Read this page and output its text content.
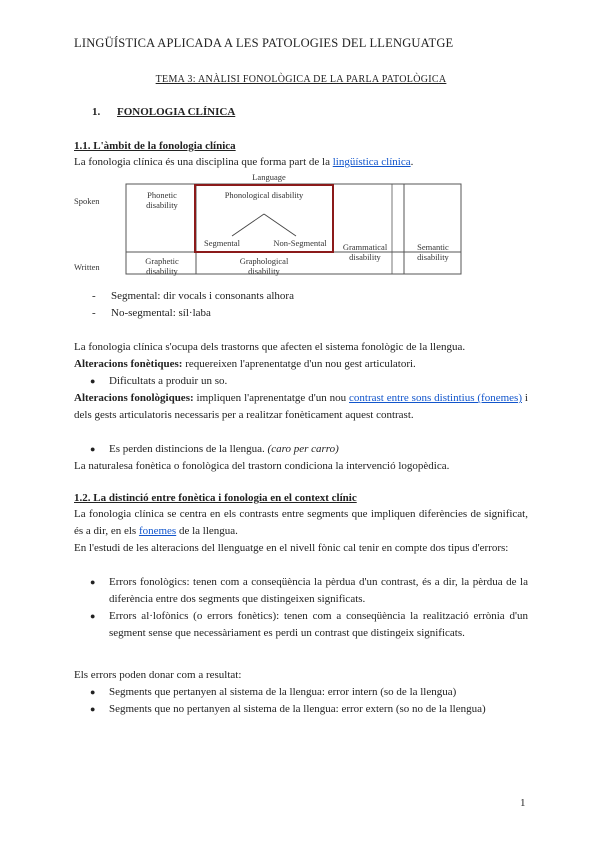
LINGÜÍSTICA APLICADA A LES PATOLOGIES DEL LLENGUATGE
TEMA 3: ANÀLISI FONOLÒGICA DE LA PARLA PATOLÒGICA
1. FONOLOGIA CLÍNICA
1.1. L'àmbit de la fonologia clínica
La fonologia clínica és una disciplina que forma part de la lingüística clínica.
Language
Spoken
Written
Phonetic disability
Phonological disability
Segmental	Non-Segmental	Grammatical disability
Semantic disability
Graphetic disability
Graphological disability
- Segmental: dir vocals i consonants alhora
- No-segmental: síl·laba
La fonologia clínica s'ocupa dels trastorns que afecten el sistema fonològic de la llengua.
Alteracions fonètiques: requereixen l'aprenentatge d'un nou gest articulatori.
●	Dificultats a produir un so.
Alteracions fonològiques: impliquen l'aprenentatge d'un nou contrast entre sons distintius (fonemes) i dels gests articulatoris necessaris per a realitzar fonèticament aquest contrast.
●	Es perden distincions de la llengua. (caro per carro)
La naturalesa fonètica o fonològica del trastorn condiciona la intervenció logopèdica.
1.2. La distinció entre fonètica i fonologia en el context clínic
La fonologia clínica se centra en els contrasts entre segments que impliquen diferències de significat, és a dir, en els fonemes de la llengua.
En l'estudi de les alteracions del llenguatge en el nivell fònic cal tenir en compte dos tipus d'errors:
●	Errors fonològics: tenen com a conseqüència la pèrdua d'un contrast, és a dir, la pèrdua de la diferència entre dos segments que distingeixen significats.
●	Errors al·lofònics (o errors fonètics): tenen com a conseqüència la realització errònia d'un segment sense que necessàriament es perdi un contrast que distingeix significats.
Els errors poden donar com a resultat:
●	Segments que pertanyen al sistema de la llengua: error intern (so de la llengua)
●	Segments que no pertanyen al sistema de la llengua: error extern (so no de la llengua)
1
